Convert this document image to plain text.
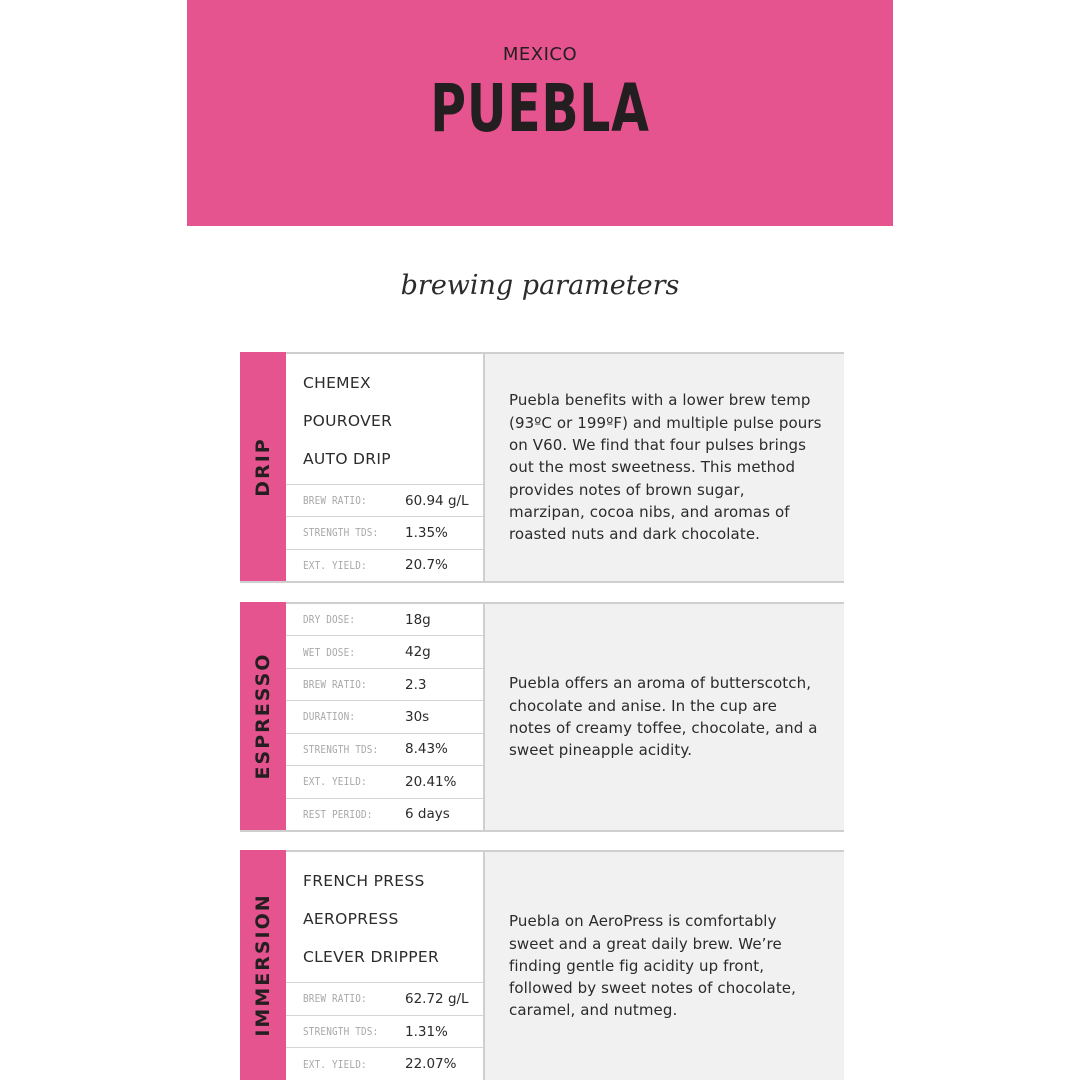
MEXICO
PUEBLA
brewing parameters
DRIP
CHEMEX
POUROVER
AUTO DRIP
BREW RATIO:	60.94 g/L
STRENGTH TDS:	1.35%
EXT. YIELD:	20.7%

Puebla benefits with a lower brew temp (93ºC or 199ºF) and multiple pulse pours on V60. We find that four pulses brings out the most sweetness. This method provides notes of brown sugar, marzipan, cocoa nibs, and aromas of roasted nuts and dark chocolate.

ESPRESSO
DRY DOSE:	18g
WET DOSE:	42g
BREW RATIO:	2.3
DURATION:	30s
STRENGTH TDS:	8.43%
EXT. YEILD:	20.41%
REST PERIOD:	6 days

Puebla offers an aroma of butterscotch, chocolate and anise. In the cup are notes of creamy toffee, chocolate, and a sweet pineapple acidity.

IMMERSION
FRENCH PRESS
AEROPRESS
CLEVER DRIPPER
BREW RATIO:	62.72 g/L
STRENGTH TDS:	1.31%
EXT. YIELD:	22.07%

Puebla on AeroPress is comfortably sweet and a great daily brew. We’re finding gentle fig acidity up front, followed by sweet notes of chocolate, caramel, and nutmeg.
